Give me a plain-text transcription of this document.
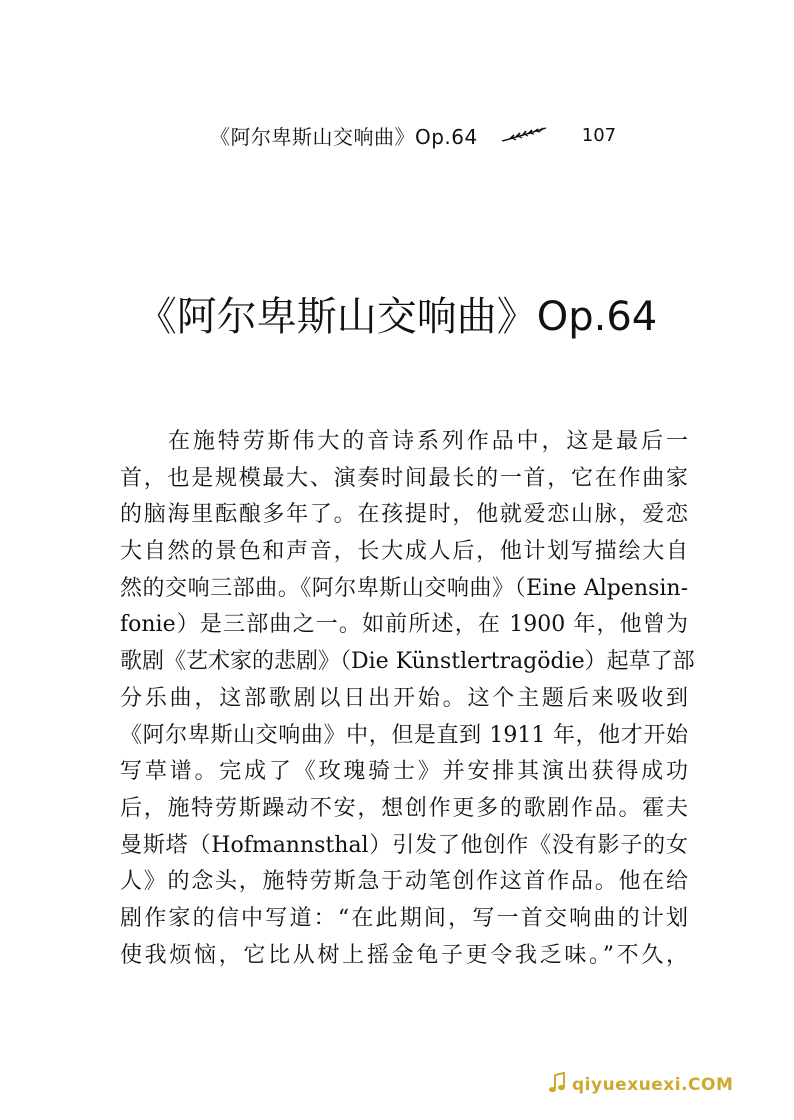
《阿尔卑斯山交响曲》Op.64	107
《阿尔卑斯山交响曲》Op.64
在施特劳斯伟大的音诗系列作品中，这是最后一
首，也是规模最大、演奏时间最长的一首，它在作曲家
的脑海里酝酿多年了。在孩提时，他就爱恋山脉，爱恋
大自然的景色和声音，长大成人后，他计划写描绘大自
然的交响三部曲。《阿尔卑斯山交响曲》（Eine Alpensin-
fonie）是三部曲之一。如前所述，在 1900 年，他曾为
歌剧《艺术家的悲剧》（Die Künstlertragödie）起草了部
分乐曲，这部歌剧以日出开始。这个主题后来吸收到
《阿尔卑斯山交响曲》中，但是直到 1911 年，他才开始
写草谱。完成了《玫瑰骑士》并安排其演出获得成功
后，施特劳斯躁动不安，想创作更多的歌剧作品。霍夫
曼斯塔（Hofmannsthal）引发了他创作《没有影子的女
人》的念头，施特劳斯急于动笔创作这首作品。他在给
剧作家的信中写道：“在此期间，写一首交响曲的计划
使我烦恼，它比从树上摇金龟子更令我乏味。”不久，
qiyuexuexi.COM
